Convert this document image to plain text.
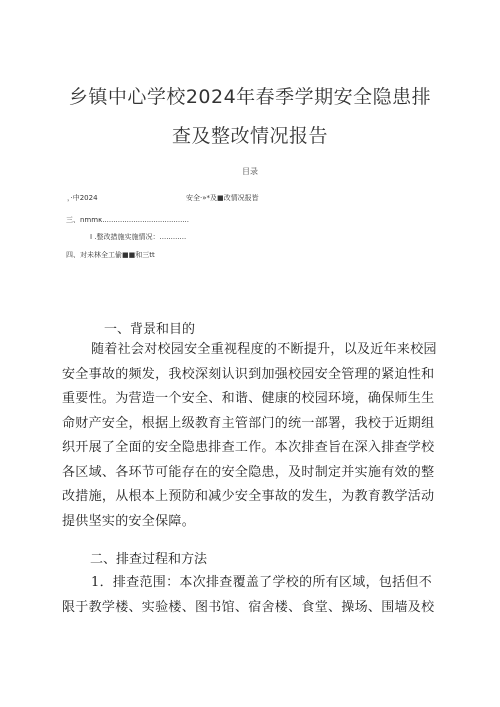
乡镇中心学校2024年春季学期安全隐患排
查及整改情况报告
目录
，·中2024	安全·»*及■改情况报皆
三、nmmκ.......................................
Ⅰ .整改措施实施情况：............
四、对未林全工偷■■和三tt
一、背景和目的
随着社会对校园安全重视程度的不断提升，以及近年来校园安全事故的频发，我校深刻认识到加强校园安全管理的紧迫性和重要性。为营造一个安全、和谐、健康的校园环境，确保师生生命财产安全，根据上级教育主管部门的统一部署，我校于近期组织开展了全面的安全隐患排查工作。本次排查旨在深入排查学校各区域、各环节可能存在的安全隐患，及时制定并实施有效的整改措施，从根本上预防和减少安全事故的发生，为教育教学活动提供坚实的安全保障。
二、排查过程和方法
1．排查范围：本次排查覆盖了学校的所有区域，包括但不限于教学楼、实验楼、图书馆、宿舍楼、食堂、操场、围墙及校
